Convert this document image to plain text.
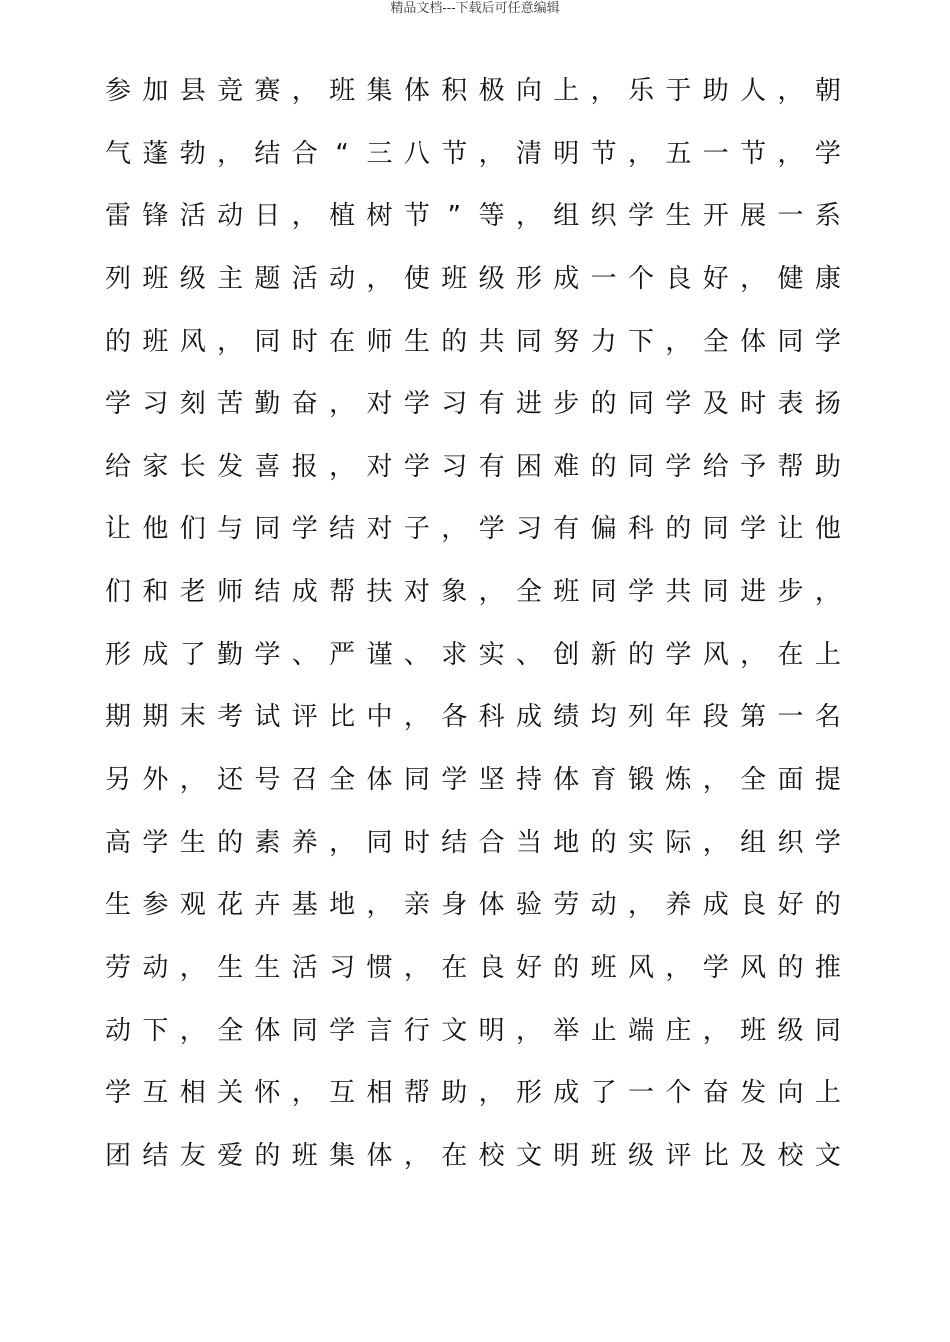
精品文档---下载后可任意编辑
参 加 县 竞 赛 ， 班 集 体 积 极 向 上 ， 乐 于 助 人 ， 朝
气 蓬 勃 ， 结 合 “ 三 八 节 ， 清 明 节 ， 五 一 节 ， 学
雷 锋 活 动 日 ， 植 树 节 ” 等 ， 组 织 学 生 开 展 一 系
列 班 级 主 题 活 动 ， 使 班 级 形 成 一 个 良 好 ， 健 康
的 班 风 ， 同 时 在 师 生 的 共 同 努 力 下 ， 全 体 同 学
学 习 刻 苦 勤 奋 ， 对 学 习 有 进 步 的 同 学 及 时 表 扬
给 家 长 发 喜 报 ， 对 学 习 有 困 难 的 同 学 给 予 帮 助
让 他 们 与 同 学 结 对 子 ， 学 习 有 偏 科 的 同 学 让 他
们 和 老 师 结 成 帮 扶 对 象 ， 全 班 同 学 共 同 进 步 ，
形 成 了 勤 学 、 严 谨 、 求 实 、 创 新 的 学 风 ， 在 上
期 期 末 考 试 评 比 中 ， 各 科 成 绩 均 列 年 段 第 一 名
另 外 ， 还 号 召 全 体 同 学 坚 持 体 育 锻 炼 ， 全 面 提
高 学 生 的 素 养 ， 同 时 结 合 当 地 的 实 际 ， 组 织 学
生 参 观 花 卉 基 地 ， 亲 身 体 验 劳 动 ， 养 成 良 好 的
劳 动 ， 生 生 活 习 惯 ， 在 良 好 的 班 风 ， 学 风 的 推
动 下 ， 全 体 同 学 言 行 文 明 ， 举 止 端 庄 ， 班 级 同
学 互 相 关 怀 ， 互 相 帮 助 ， 形 成 了 一 个 奋 发 向 上
团 结 友 爱 的 班 集 体 ， 在 校 文 明 班 级 评 比 及 校 文
